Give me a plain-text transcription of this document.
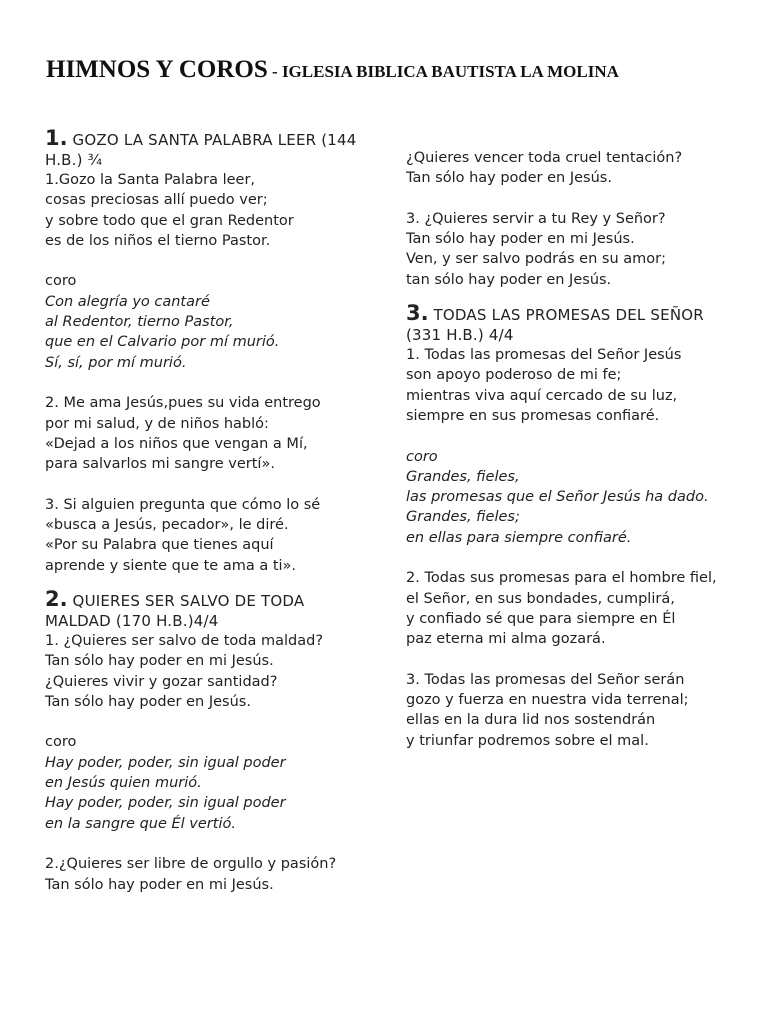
HIMNOS Y COROS - IGLESIA BIBLICA BAUTISTA LA MOLINA
1. GOZO LA SANTA PALABRA LEER (144 H.B.) ¾
1.Gozo la Santa Palabra leer,
cosas preciosas allí puedo ver;
y sobre todo que el gran Redentor
es de los niños el tierno Pastor.
coro
Con alegría yo cantaré
al Redentor, tierno Pastor,
que en el Calvario por mí murió.
Sí, sí, por mí murió.
2. Me ama Jesús,pues su vida entrego
por mi salud, y de niños habló:
«Dejad a los niños que vengan a Mí,
para salvarlos mi sangre vertí».
3. Si alguien pregunta que cómo lo sé
«busca a Jesús, pecador», le diré.
«Por su Palabra que tienes aquí
aprende y siente que te ama a ti».
2. QUIERES SER SALVO DE TODA MALDAD (170 H.B.)4/4
1. ¿Quieres ser salvo de toda maldad?
Tan sólo hay poder en mi Jesús.
¿Quieres vivir y gozar santidad?
Tan sólo hay poder en Jesús.
coro
Hay poder, poder, sin igual poder
en Jesús quien murió.
Hay poder, poder, sin igual poder
en la sangre que Él vertió.
2.¿Quieres ser libre de orgullo y pasión?
Tan sólo hay poder en mi Jesús.
¿Quieres vencer toda cruel tentación?
Tan sólo hay poder en Jesús.
3. ¿Quieres servir a tu Rey y Señor?
Tan sólo hay poder en mi Jesús.
Ven, y ser salvo podrás en su amor;
tan sólo hay poder en Jesús.
3. TODAS LAS PROMESAS DEL SEÑOR (331 H.B.) 4/4
1. Todas las promesas del Señor Jesús
son apoyo poderoso de mi fe;
mientras viva aquí cercado de su luz,
siempre en sus promesas confiaré.
coro
Grandes, fieles,
las promesas que el Señor Jesús ha dado.
Grandes, fieles;
en ellas para siempre confiaré.
2. Todas sus promesas para el hombre fiel,
el Señor, en sus bondades, cumplirá,
y confiado sé que para siempre en Él
paz eterna mi alma gozará.
3. Todas las promesas del Señor serán
gozo y fuerza en nuestra vida terrenal;
ellas en la dura lid nos sostendrán
y triunfar podremos sobre el mal.
